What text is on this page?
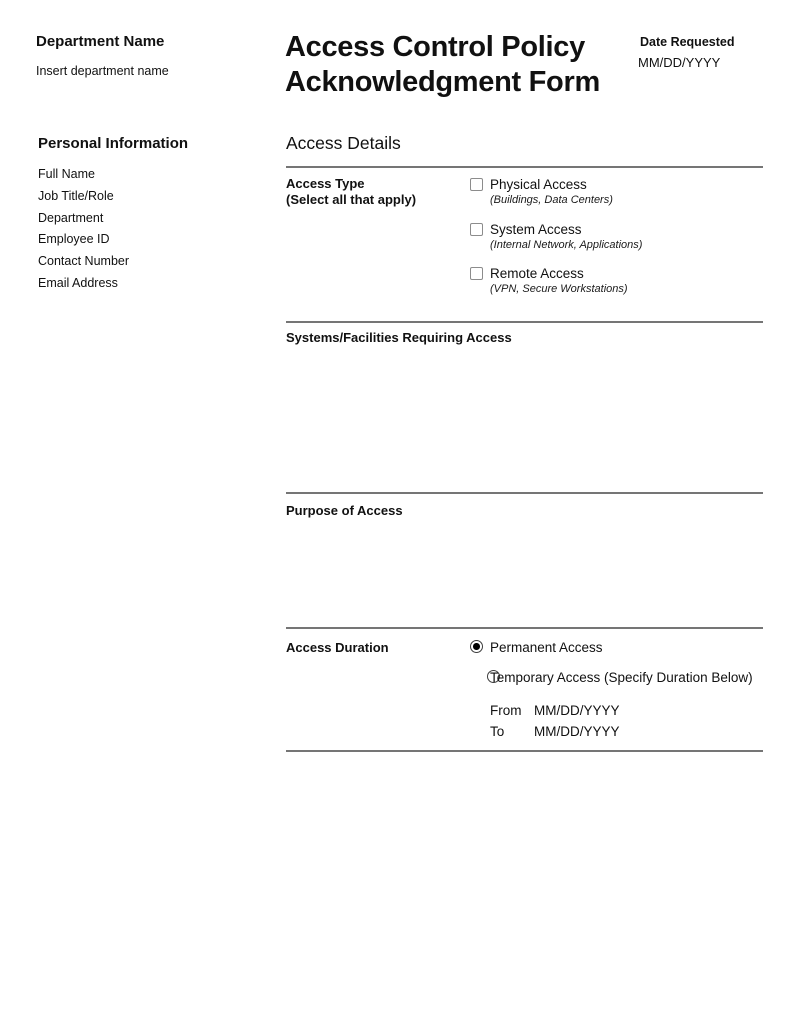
Department Name
Insert department name
Access Control Policy
Acknowledgment Form
Date Requested
MM/DD/YYYY
Personal Information
Full Name
Job Title/Role
Department
Employee ID
Contact Number
Email Address
Access Details
Access Type
(Select all that apply)
Physical Access
(Buildings, Data Centers)
System Access
(Internal Network, Applications)
Remote Access
(VPN, Secure Workstations)
Systems/Facilities Requiring Access
Purpose of Access
Access Duration
	Permanent Access
Temporary Access (Specify Duration Below)
From MM/DD/YYYY
To MM/DD/YYYY
